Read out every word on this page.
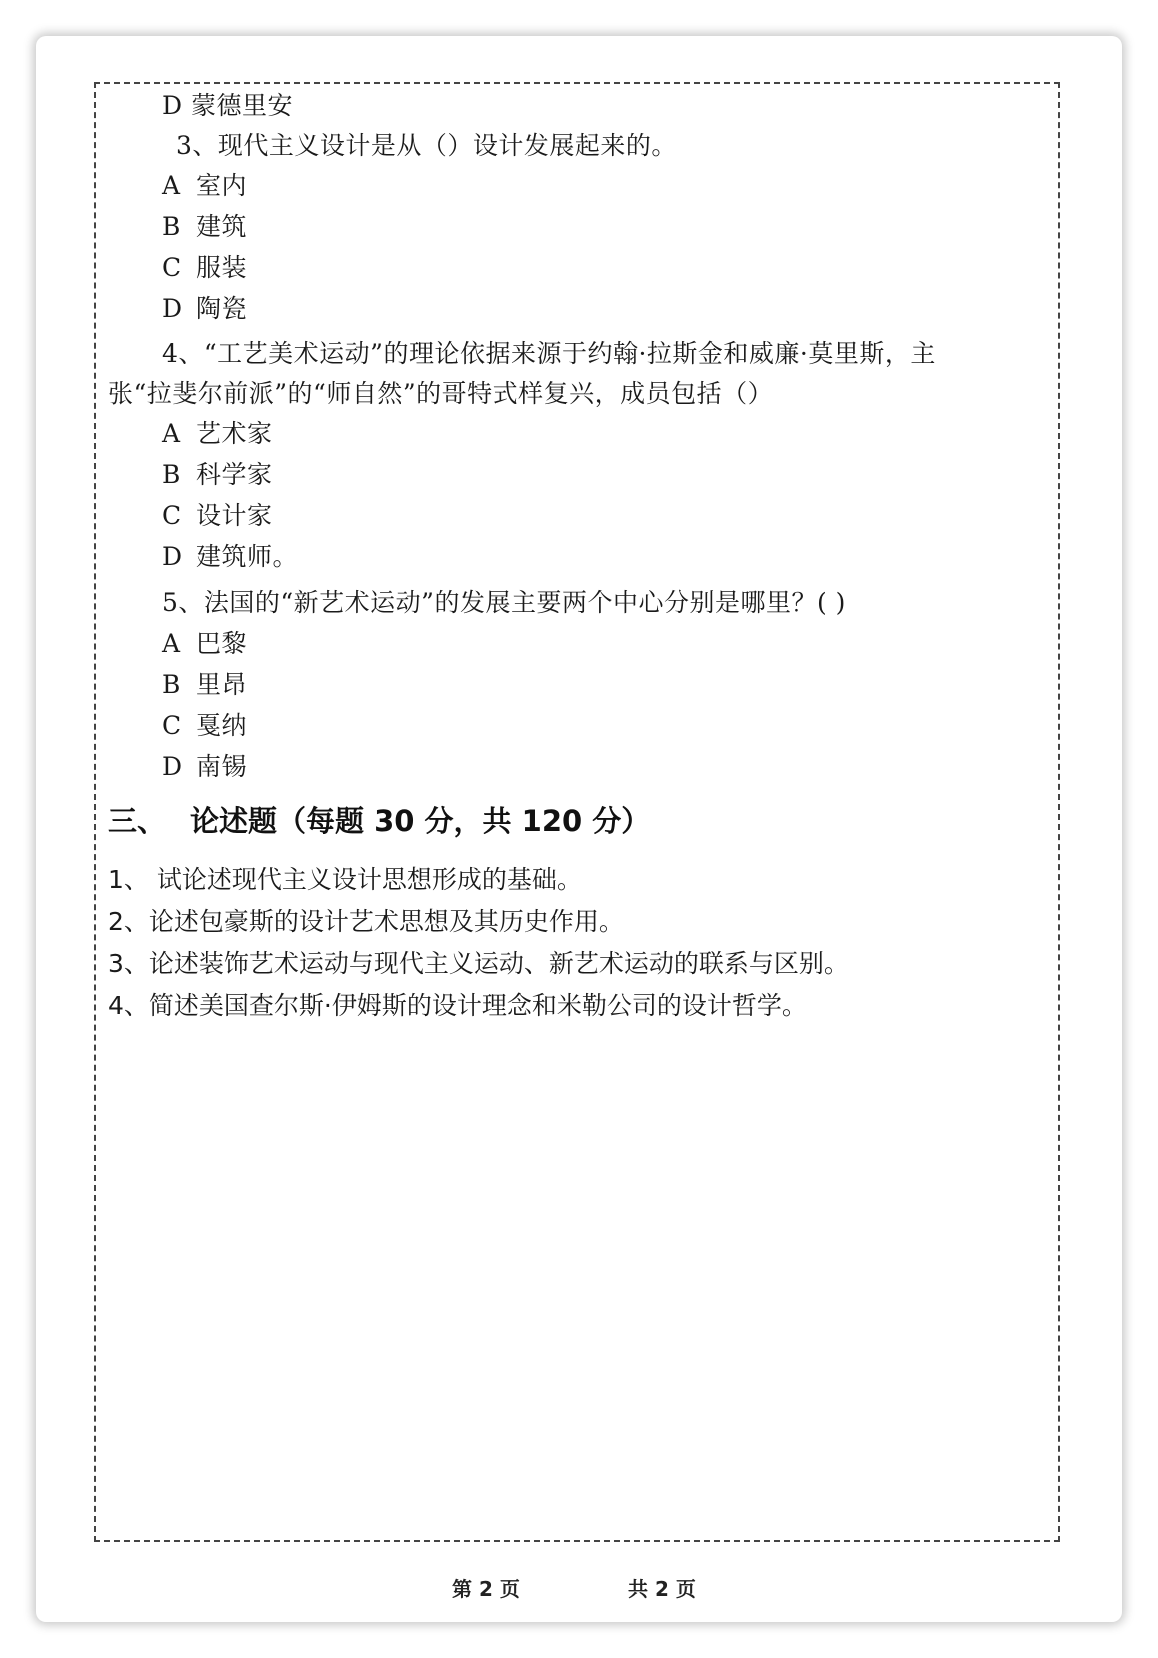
D 蒙德里安
3、现代主义设计是从（）设计发展起来的。
A 室内
B 建筑
C 服装
D 陶瓷
4、“工艺美术运动”的理论依据来源于约翰·拉斯金和威廉·莫里斯，主
张“拉斐尔前派”的“师自然”的哥特式样复兴，成员包括（）
A 艺术家
B 科学家
C 设计家
D 建筑师。
5、法国的“新艺术运动”的发展主要两个中心分别是哪里？( )
A 巴黎
B 里昂
C 戛纳
D 南锡
三、 论述题（每题 30 分，共 120 分）
1、 试论述现代主义设计思想形成的基础。
2、论述包豪斯的设计艺术思想及其历史作用。
3、论述装饰艺术运动与现代主义运动、新艺术运动的联系与区别。
4、简述美国查尔斯·伊姆斯的设计理念和米勒公司的设计哲学。
第 2 页	共 2 页
